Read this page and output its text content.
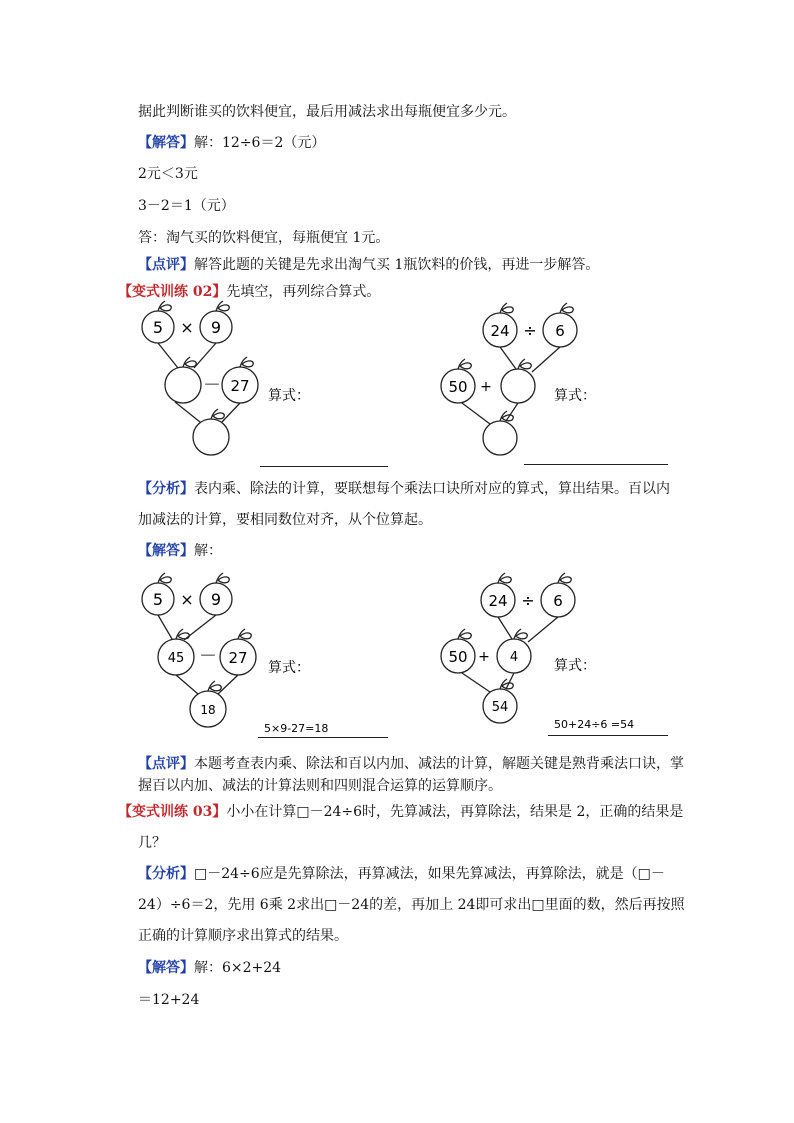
据此判断谁买的饮料便宜，最后用减法求出每瓶便宜多少元。
【解答】解：12÷6＝2（元）
2元＜3元
3－2＝1（元）
答：淘气买的饮料便宜，每瓶便宜 1元。
【点评】解答此题的关键是先求出淘气买 1瓶饮料的价钱，再进一步解答。
【变式训练 02】先填空，再列综合算式。
5 × 9
－ 27
算式：
24 ÷ 6
50 +
算式：
【分析】表内乘、除法的计算，要联想每个乘法口诀所对应的算式，算出结果。百以内
加减法的计算，要相同数位对齐，从个位算起。
【解答】解：
5 × 9
45 － 27
18
算式：
5×9-27=18
24 ÷ 6
50 + 4
54
算式：
50+24÷6 =54
【点评】本题考查表内乘、除法和百以内加、减法的计算，解题关键是熟背乘法口诀，掌
握百以内加、减法的计算法则和四则混合运算的运算顺序。
【变式训练 03】小小在计算□－24÷6时，先算减法，再算除法，结果是 2，正确的结果是
几？
【分析】□－24÷6应是先算除法，再算减法，如果先算减法，再算除法，就是（□－
24）÷6＝2，先用 6乘 2求出□－24的差，再加上 24即可求出□里面的数，然后再按照
正确的计算顺序求出算式的结果。
【解答】解：6×2+24
＝12+24
